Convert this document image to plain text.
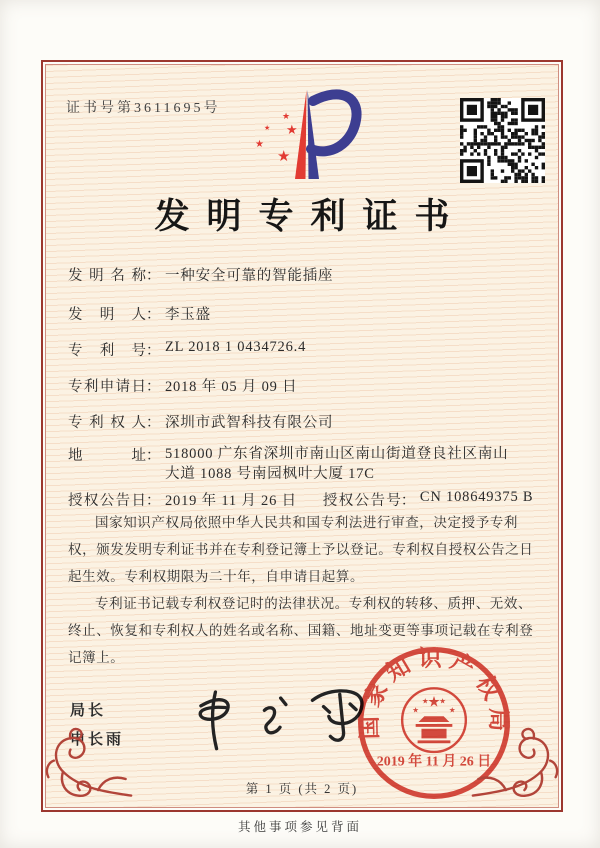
证书号第3611695号	★
★
★
★
★
发明专利证书
发明名称 ： 一种安全可靠的智能插座
发明人 ： 李玉盛
专利号 ： ZL 2018 1 0434726.4
专利申请日 ： 2018 年 05 月 09 日
专利权人 ： 深圳市武智科技有限公司
地址 ： 518000 广东省深圳市南山区南山街道登良社区南山大道 1088 号南园枫叶大厦 17C
授权公告日 ： 2019 年 11 月 26 日 授权公告号 ： CN 108649375 B

国家知识产权局依照中华人民共和国专利法进行审查，决定授予专利权，颁发发明专利证书并在专利登记簿上予以登记。专利权自授权公告之日起生效。专利权期限为二十年，自申请日起算。

专利证书记载专利权登记时的法律状况。专利权的转移、质押、无效、终止、恢复和专利权人的姓名或名称、国籍、地址变更等事项记载在专利登记簿上。

局长
申长雨
国家知识产权局
★
★
★ ★
★
2019 年 11 月 26 日
第 1 页 (共 2 页)
其他事项参见背面
